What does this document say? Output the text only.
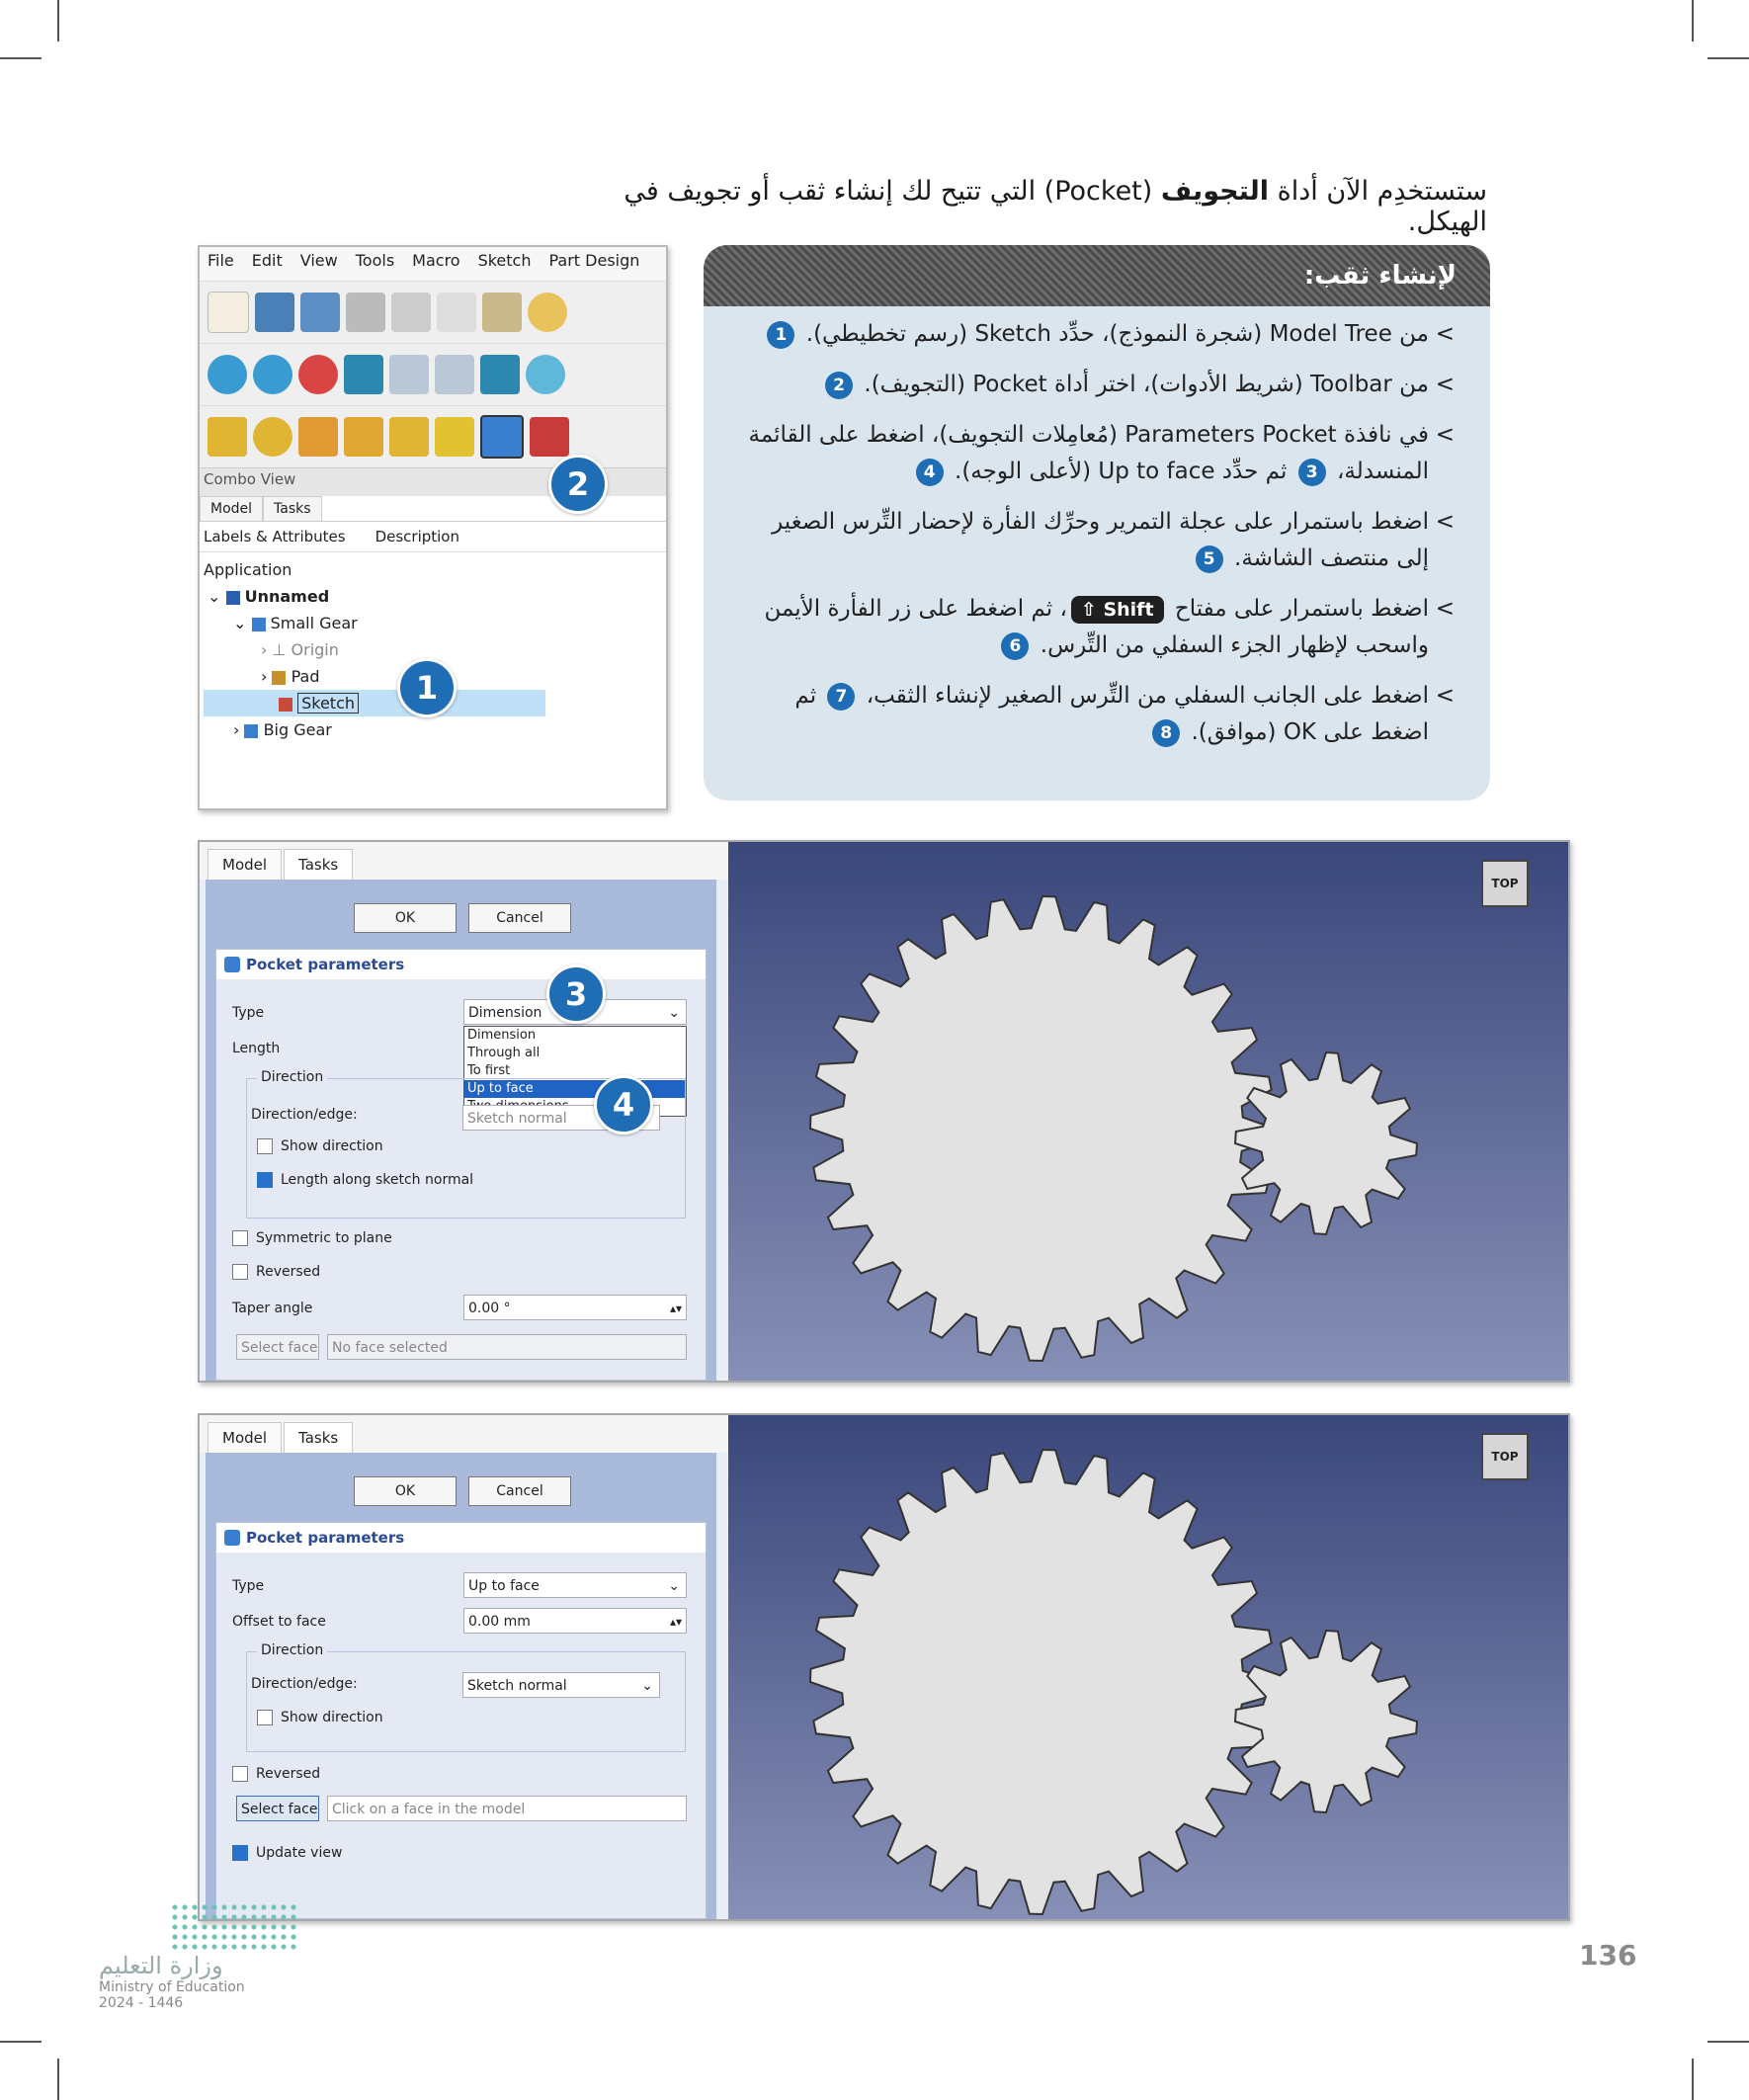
ستستخدِم الآن أداة التجويف (Pocket) التي تتيح لك إنشاء ثقب أو تجويف في الهيكل.
File Edit View Tools Macro Sketch Part Design
Combo View
Model	Tasks
Labels & Attributes Description
Application
⌄  Unnamed
⌄  Small Gear
› ⊥ Origin
›  Pad
Sketch
›  Big Gear
1
2
لإنشاء ثقب:
< من Model Tree (شجرة النموذج)، حدِّد Sketch (رسم تخطيطي). 1
< من Toolbar (شريط الأدوات)، اختر أداة Pocket (التجويف). 2
< في نافذة Parameters Pocket (مُعامِلات التجويف)، اضغط على القائمة المنسدلة، 3 ثم حدِّد Up to face (لأعلى الوجه). 4
< اضغط باستمرار على عجلة التمرير وحرِّك الفأرة لإحضار التِّرس الصغير إلى منتصف الشاشة. 5
< اضغط باستمرار على مفتاح ⇧ Shift، ثم اضغط على زر الفأرة الأيمن واسحب لإظهار الجزء السفلي من التِّرس. 6
< اضغط على الجانب السفلي من التِّرس الصغير لإنشاء الثقب، 7 ثم اضغط على OK (موافق). 8
Model	Tasks
OK	Cancel
Pocket parameters
Type	Dimension	⌄
Dimension
Through all
To first
Up to face
Length
Direction
Direction/edge:	Sketch normal
Show direction
Length along sketch normal
Symmetric to plane
Reversed
Taper angle	0.00 °	▴▾
Select face	No face selected
TOP
Model	Tasks
OK	Cancel
Pocket parameters
Type	Up to face	⌄
Offset to face	0.00 mm	▴▾
Direction
Direction/edge:	Sketch normal	⌄
Show direction
Reversed
Select face	Click on a face in the model
Update view
TOP
3
4
وزارة التعليم
Ministry of Education
2024 - 1446
136
